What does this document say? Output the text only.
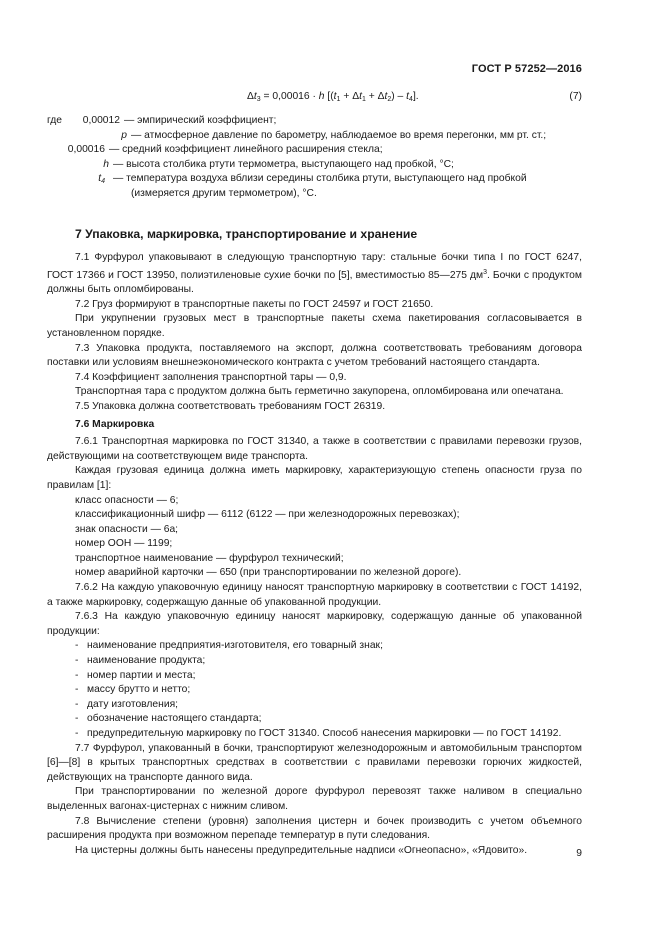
ГОСТ Р 57252—2016
$\Delta t_3 = 0,00016 \cdot h$ $[(t_1 + \Delta t_1 + \Delta t_2) - t_4]$.	(7)
где	0,00012 — эмпирический коэффициент;
p — атмосферное давление по барометру, наблюдаемое во время перегонки, мм рт. ст.;
0,00016 — средний коэффициент линейного расширения стекла;
h — высота столбика ртути термометра, выступающего над пробкой, °С;
$t_4$ — температура воздуха вблизи середины столбика ртути, выступающего над пробкой
(измеряется другим термометром), °С.
7 Упаковка, маркировка, транспортирование и хранение

7.1 Фурфурол упаковывают в следующую транспортную тару: стальные бочки типа I по ГОСТ 6247, ГОСТ 17366 и ГОСТ 13950, полиэтиленовые сухие бочки по [5], вместимостью 85—275 $дм^3$. Бочки с продуктом должны быть опломбированы.

7.2 Груз формируют в транспортные пакеты по ГОСТ 24597 и ГОСТ 21650.

При укрупнении грузовых мест в транспортные пакеты схема пакетирования согласовывается в установленном порядке.

7.3 Упаковка продукта, поставляемого на экспорт, должна соответствовать требованиям договора поставки или условиям внешнеэкономического контракта с учетом требований настоящего стандарта.

7.4 Коэффициент заполнения транспортной тары — 0,9.

Транспортная тара с продуктом должна быть герметично закупорена, опломбирована или опечатана.

7.5 Упаковка должна соответствовать требованиям ГОСТ 26319.

7.6 Маркировка

7.6.1 Транспортная маркировка по ГОСТ 31340, а также в соответствии с правилами перевозки грузов, действующими на соответствующем виде транспорта.

Каждая грузовая единица должна иметь маркировку, характеризующую степень опасности груза по правилам [1]:

класс опасности — 6;

классификационный шифр — 6112 (6122 — при железнодорожных перевозках);

знак опасности — 6а;

номер ООН — 1199;

транспортное наименование — фурфурол технический;

номер аварийной карточки — 650 (при транспортировании по железной дороге).

7.6.2 На каждую упаковочную единицу наносят транспортную маркировку в соответствии с ГОСТ 14192, а также маркировку, содержащую данные об упакованной продукции.

7.6.3 На каждую упаковочную единицу наносят маркировку, содержащую данные об упакованной продукции:

- наименование предприятия-изготовителя, его товарный знак;

- наименование продукта;

- номер партии и места;

- массу брутто и нетто;

- дату изготовления;

- обозначение настоящего стандарта;

- предупредительную маркировку по ГОСТ 31340. Способ нанесения маркировки — по ГОСТ 14192.

7.7 Фурфурол, упакованный в бочки, транспортируют железнодорожным и автомобильным транспортом [6]—[8] в крытых транспортных средствах в соответствии с правилами перевозки горючих жидкостей, действующих на транспорте данного вида.

При транспортировании по железной дороге фурфурол перевозят также наливом в специально выделенных вагонах-цистернах с нижним сливом.

7.8 Вычисление степени (уровня) заполнения цистерн и бочек производить с учетом объемного расширения продукта при возможном перепаде температур в пути следования.

На цистерны должны быть нанесены предупредительные надписи «Огнеопасно», «Ядовито».	9
